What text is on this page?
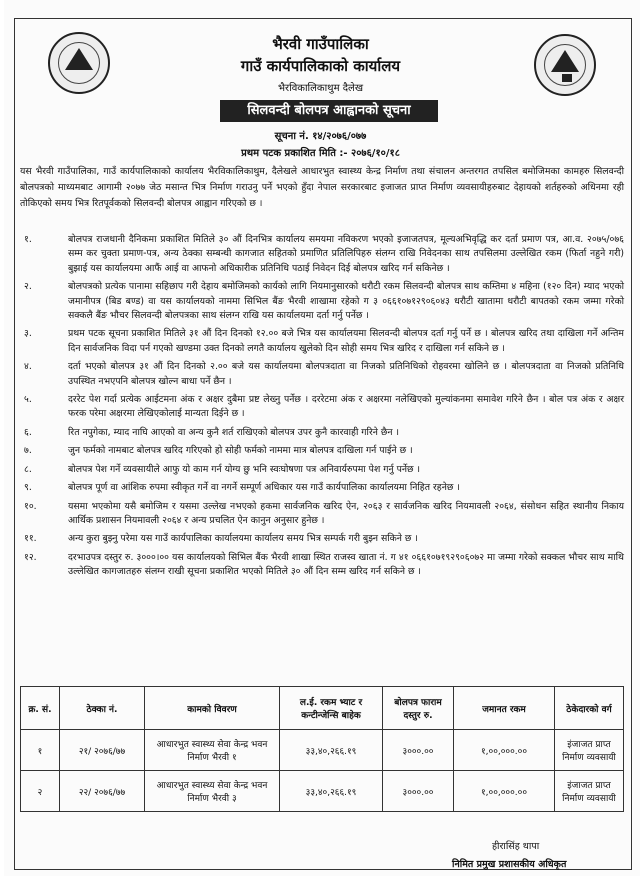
भैरवी गाउँपालिका
गाउँ कार्यपालिकाको कार्यालय
भैरविकालिकाथुम दैलेख
सिलवन्दी बोलपत्र आह्वानको सूचना
सूचना नं. १४/२०७६/०७७
प्रथम पटक प्रकाशित मिति :- २०७६/१०/१८
यस भैरवी गाउँपालिका, गाउँ कार्यपालिकाको कार्यालय भैरविकालिकाथुम, दैलेखले आधारभुत स्वास्थ्य केन्द्र निर्माण तथा संचालन अन्तरगत तपसिल बमोजिमका कामहरु सिलवन्दी बोलपत्रको माध्यमबाट आगामी २०७७ जेठ मसान्त भित्र निर्माण गराउनु पर्ने भएको हुँदा नेपाल सरकारबाट इजाजत प्राप्त निर्माण व्यवसायीहरुबाट देहायको शर्तहरुको अधिनमा रही तोकिएको समय भित्र रितपूर्वकको सिलवन्दी बोलपत्र आह्वान गरिएको छ ।
१.	बोलपत्र राजधानी दैनिकमा प्रकाशित मितिले ३० औं दिनभित्र कार्यालय समयमा नविकरण भएको इजाजतपत्र, मूल्यअभिवृद्धि कर दर्ता प्रमाण पत्र, आ.व. २०७५/०७६ सम्म कर चुक्ता प्रमाण-पत्र, अन्य ठेक्का सम्बन्धी कागजात सहितको प्रमाणित प्रतिलिपिहरु संलग्न राखि निवेदनका साथ तपसिलमा उल्लेखित रकम (फिर्ता नहुने गरी) बुझाई यस कार्यालयमा आफैं आई वा आफनो अधिकारीक प्रतिनिधि पठाई निवेदन दिई बोलपत्र खरिद गर्न सकिनेछ ।
२.	बोलपत्रको प्रत्येक पानामा सहिछाप गरी देहाय बमोजिमको कार्यको लागि नियमानुसारको धरौटी रकम सिलवन्दी बोलपत्र साथ कम्तिमा ४ महिना (१२० दिन) म्याद भएको जमानीपत्र (बिड बण्ड) वा यस कार्यालयको नाममा सिभिल बैंङ भैरवी शाखामा रहेको ग ३ ०६६१०७१२९०६०४३ धरौटी खातामा धरौटी बापतको रकम जम्मा गरेको सक्कलै बैंङ भौचर सिलवन्दी बोलपत्रका साथ संलग्न राखि यस कार्यालयमा दर्ता गर्नु पर्नेछ ।
३.	प्रथम पटक सूचना प्रकाशित मितिले ३१ औं दिन दिनको १२.०० बजे भित्र यस कार्यालयमा सिलवन्दी बोलपत्र दर्ता गर्नु पर्ने छ । बोलपत्र खरिद तथा दाखिला गर्ने अन्तिम दिन सार्वजनिक विदा पर्न गएको खण्डमा उक्त दिनको लगतै कार्यालय खुलेको दिन सोही समय भित्र खरिद र दाखिला गर्न सकिने छ ।
४.	दर्ता भएको बोलपत्र ३१ औं दिन दिनको २.०० बजे यस कार्यालयमा बोलपत्रदाता वा निजको प्रतिनिधिको रोहवरमा खोलिने छ । बोलपत्रदाता वा निजको प्रतिनिधि उपस्थित नभएपनि बोलपत्र खोल्न बाधा पर्ने छैन ।
५.	दररेट पेश गर्दा प्रत्येक आईटमना अंक र अक्षर दुबैमा प्रष्ट लेख्नु पर्नेछ । दररेटमा अंक र अक्षरमा नलेखिएको मुल्यांकनमा समावेश गरिने छैन । बोल पत्र अंक र अक्षर फरक परेमा अक्षरमा लेखिएकोलाई मान्यता दिईने छ ।
६.	रित नपुगेका, म्याद नाघि आएको वा अन्य कुनै शर्त राखिएको बोलपत्र उपर कुनै कारवाही गरिने छैन ।
७.	जुन फर्मको नामबाट बोलपत्र खरिद गरिएको हो सोही फर्मको नाममा मात्र बोलपत्र दाखिला गर्न पाईने छ ।
८.	बोलपत्र पेश गर्ने व्यवसायीले आफु यो काम गर्न योग्य छु भनि स्वःघोषणा पत्र अनिवार्यरुपमा पेश गर्नु पर्नेछ ।
९.	बोलपत्र पूर्ण वा आंशिक रुपमा स्वीकृत गर्ने वा नगर्ने सम्पूर्ण अधिकार यस गाउँ कार्यपालिका कार्यालयमा निहित रहनेछ ।
१०.	यसमा भएकोमा यसै बमोजिम र यसमा उल्लेख नभएको हकमा सार्वजनिक खरिद ऐन, २०६३ र सार्वजनिक खरिद नियमावली २०६४, संसोधन सहित स्थानीय निकाय आर्थिक प्रशासन नियमावली २०६४ र अन्य प्रचलित ऐन कानुन अनुसार हुनेछ ।
११.	अन्य कुरा बुझ्नु परेमा यस गाउँ कार्यपालिका कार्यालयमा कार्यालय समय भित्र सम्पर्क गरी बुझ्न सकिने छ ।
१२.	दरभाउपत्र दस्तुर रु. ३०००।०० यस कार्यालयको सिभिल बैंक भैरवी शाखा स्थित राजस्व खाता नं. ग ४१ ०६६१०७१९२९०६०७२ मा जम्मा गरेको सक्कल भौचर साथ माथि उल्लेखित कागजातहरु संलग्न राखी सूचना प्रकाशित भएको मितिले ३० औं दिन सम्म खरिद गर्न सकिने छ ।
क्र. सं.	ठेक्का नं.	कामको विवरण	ल.ई. रकम भ्याट र कन्टीन्जेन्सि बाहेक	बोलपत्र फाराम दस्तुर रु.	जमानत रकम	ठेकेदारको वर्ग
१	२१/ २०७६/७७	आधारभुत स्वास्थ्य सेवा केन्द्र भवन निर्माण भैरवी १	३३,४०,२६६.१९	३०००.००	१,००,०००.००	इंजाजत प्राप्त निर्माण व्यवसायी
२	२२/ २०७६/७७	आधारभुत स्वास्थ्य सेवा केन्द्र भवन निर्माण भैरवी ३	३३,४०,२६६.१९	३०००.००	१,००,०००.००	इंजाजत प्राप्त निर्माण व्यवसायी
हीरासिंह थापा
निमित प्रमुख प्रशासकीय अधिकृत
